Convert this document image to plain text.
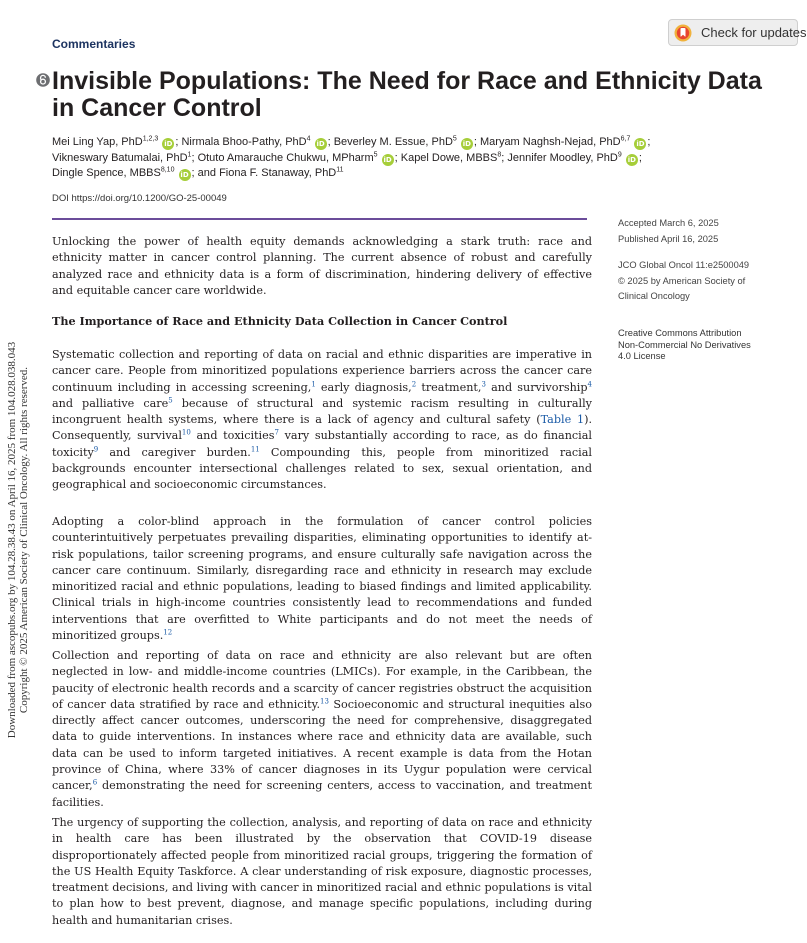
Downloaded from ascopubs.org by 104.28.38.43 on April 16, 2025 from 104.028.038.043 Copyright © 2025 American Society of Clinical Oncology. All rights reserved.
Commentaries
Check for updates
Invisible Populations: The Need for Race and Ethnicity Data in Cancer Control
Mei Ling Yap, PhD$^{1,2,3}$ iD ; Nirmala Bhoo-Pathy, PhD$^4$ iD ; Beverley M. Essue, PhD$^5$ iD ; Maryam Naghsh-Nejad, PhD$^{6,7}$ iD ;
Vikneswary Batumalai, PhD$^1$; Otuto Amarauche Chukwu, MPharm$^5$ iD ; Kapel Dowe, MBBS$^8$; Jennifer Moodley, PhD$^9$ iD ;
Dingle Spence, MBBS$^{8,10}$ iD ; and Fiona F. Stanaway, PhD$^{11}$
DOI https://doi.org/10.1200/GO-25-00049
Accepted March 6, 2025
Published April 16, 2025
JCO Global Oncol 11:e2500049
© 2025 by American Society of
Clinical Oncology
Creative Commons Attribution
Non-Commercial No Derivatives
4.0 License

Unlocking the power of health equity demands acknowledging a stark truth: race and ethnicity matter in cancer control planning. The current absence of robust and carefully analyzed race and ethnicity data is a form of discrimination, hindering delivery of effective and equitable cancer care worldwide.

The Importance of Race and Ethnicity Data Collection in Cancer Control

Systematic collection and reporting of data on racial and ethnic disparities are imperative in cancer care. People from minoritized populations experience barriers across the cancer care continuum including in accessing screening,$^1$ early diagnosis,$^2$ treatment,$^3$ and survivorship$^4$ and palliative care$^5$ because of structural and systemic racism resulting in culturally incongruent health systems, where there is a lack of agency and cultural safety (Table 1). Consequently, survival$^{10}$ and toxicities$^7$ vary substantially according to race, as do financial toxicity$^9$ and caregiver burden.$^{11}$ Compounding this, people from minoritized racial backgrounds encounter intersectional challenges related to sex, sexual orientation, and geographical and socioeconomic circumstances.

Adopting a color-blind approach in the formulation of cancer control policies counterintuitively perpetuates prevailing disparities, eliminating opportunities to identify at-risk populations, tailor screening programs, and ensure culturally safe navigation across the cancer care continuum. Similarly, disregarding race and ethnicity in research may exclude minoritized racial and ethnic populations, leading to biased findings and limited applicability. Clinical trials in high-income countries consistently lead to recommendations and funded interventions that are overfitted to White participants and do not meet the needs of minoritized groups.$^{12}$

Collection and reporting of data on race and ethnicity are also relevant but are often neglected in low- and middle-income countries (LMICs). For example, in the Caribbean, the paucity of electronic health records and a scarcity of cancer registries obstruct the acquisition of cancer data stratified by race and ethnicity.$^{13}$ Socioeconomic and structural inequities also directly affect cancer outcomes, underscoring the need for comprehensive, disaggregated data to guide interventions. In instances where race and ethnicity data are available, such data can be used to inform targeted initiatives. A recent example is data from the Hotan province of China, where 33% of cancer diagnoses in its Uygur population were cervical cancer,$^6$ demonstrating the need for screening centers, access to vaccination, and treatment facilities.

The urgency of supporting the collection, analysis, and reporting of data on race and ethnicity in health care has been illustrated by the observation that COVID-19 disease disproportionately affected people from minoritized racial groups, triggering the formation of the US Health Equity Taskforce. A clear understanding of risk exposure, diagnostic processes, treatment decisions, and living with cancer in minoritized racial and ethnic populations is vital to plan how to best prevent, diagnose, and manage specific populations, including during health and humanitarian crises.
